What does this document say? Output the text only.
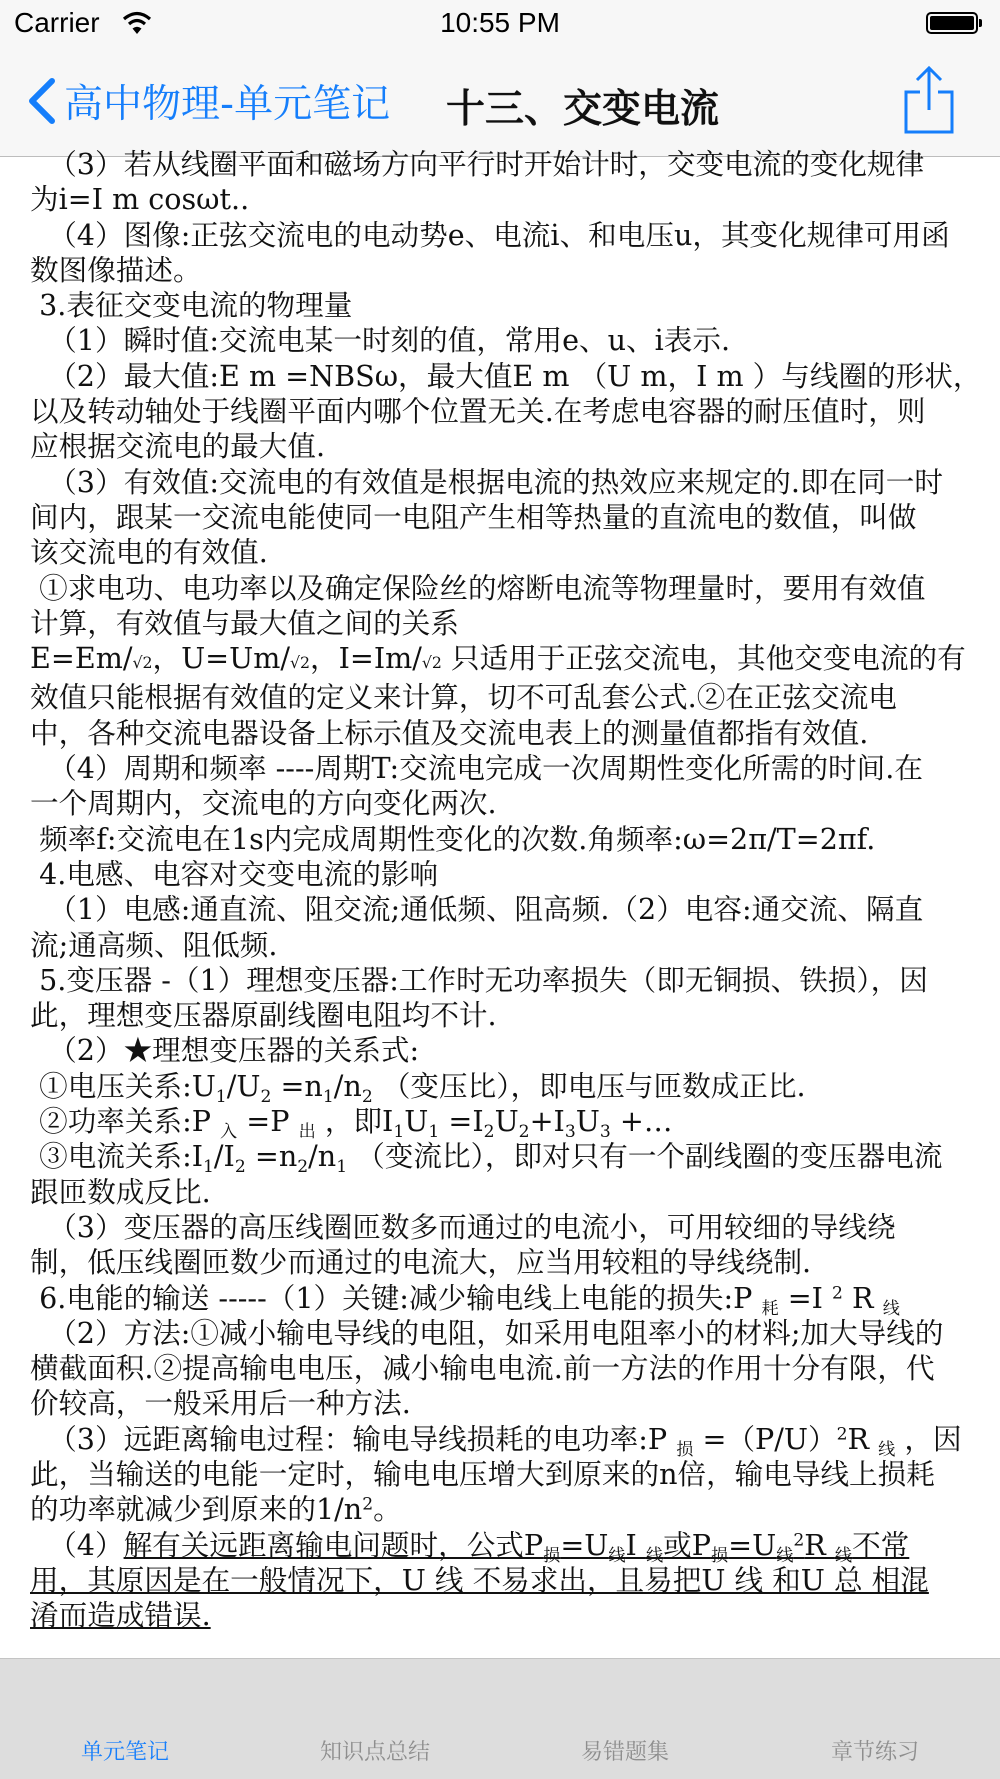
Carrier	10:55 PM
高中物理-单元笔记 十三、交变电流

（3）若从线圈平面和磁场方向平行时开始计时，交变电流的变化规律

为i=I m cosωt..

（4）图像:正弦交流电的电动势e、电流i、和电压u，其变化规律可用函

数图像描述。

3.表征交变电流的物理量

（1）瞬时值:交流电某一时刻的值，常用e、u、i表示.

（2）最大值:E m =NBSω，最大值E m （U m，I m ）与线圈的形状，

以及转动轴处于线圈平面内哪个位置无关.在考虑电容器的耐压值时，则

应根据交流电的最大值.

（3）有效值:交流电的有效值是根据电流的热效应来规定的.即在同一时

间内，跟某一交流电能使同一电阻产生相等热量的直流电的数值，叫做

该交流电的有效值.

①求电功、电功率以及确定保险丝的熔断电流等物理量时，要用有效值

计算，有效值与最大值之间的关系

E=Em/√2，U=Um/√2，I=Im/√2 只适用于正弦交流电，其他交变电流的有

效值只能根据有效值的定义来计算，切不可乱套公式.②在正弦交流电

中，各种交流电器设备上标示值及交流电表上的测量值都指有效值.

（4）周期和频率 ----周期T:交流电完成一次周期性变化所需的时间.在

一个周期内，交流电的方向变化两次.

频率f:交流电在1s内完成周期性变化的次数.角频率:ω=2π/T=2πf.

4.电感、电容对交变电流的影响

（1）电感:通直流、阻交流;通低频、阻高频.（2）电容:通交流、隔直

流;通高频、阻低频.

5.变压器 -（1）理想变压器:工作时无功率损失（即无铜损、铁损），因

此，理想变压器原副线圈电阻均不计.

（2）★理想变压器的关系式:

①电压关系$:U_1/U_2 =n_1/n_2$ （变压比），即电压与匝数成正比.

②功率关系:P $_入$ =P $_出$ ，即$I_1U_1 =I_2U_2+I_3U_3$ +…

③电流关系$:I_1/I_2 =n_2/n_1$ （变流比），即对只有一个副线圈的变压器电流

跟匝数成反比.

（3）变压器的高压线圈匝数多而通过的电流小，可用较细的导线绕

制，低压线圈匝数少而通过的电流大，应当用较粗的导线绕制.

6.电能的输送 -----（1）关键:减少输电线上电能的损失:P $_耗$ =I $^2$ R $_线$

（2）方法:①减小输电导线的电阻，如采用电阻率小的材料;加大导线的

横截面积.②提高输电电压，减小输电电流.前一方法的作用十分有限，代

价较高，一般采用后一种方法.

（3）远距离输电过程：输电导线损耗的电功率:P $_损 =(P/U)^2R$ $_线$ ，因

此，当输送的电能一定时，输电电压增大到原来的n倍，输电导线上损耗

的功率就减少到原来的$1/n^2$。

（4）解有关远距离输电问题时，公式$P_损=U_线I$ $_线$或$P_损=U_线^2R$ $_线$不常

用，其原因是在一般情况下，U 线 不易求出，且易把U 线 和U 总 相混

淆而造成错误.

单元笔记	知识点总结	易错题集	章节练习
